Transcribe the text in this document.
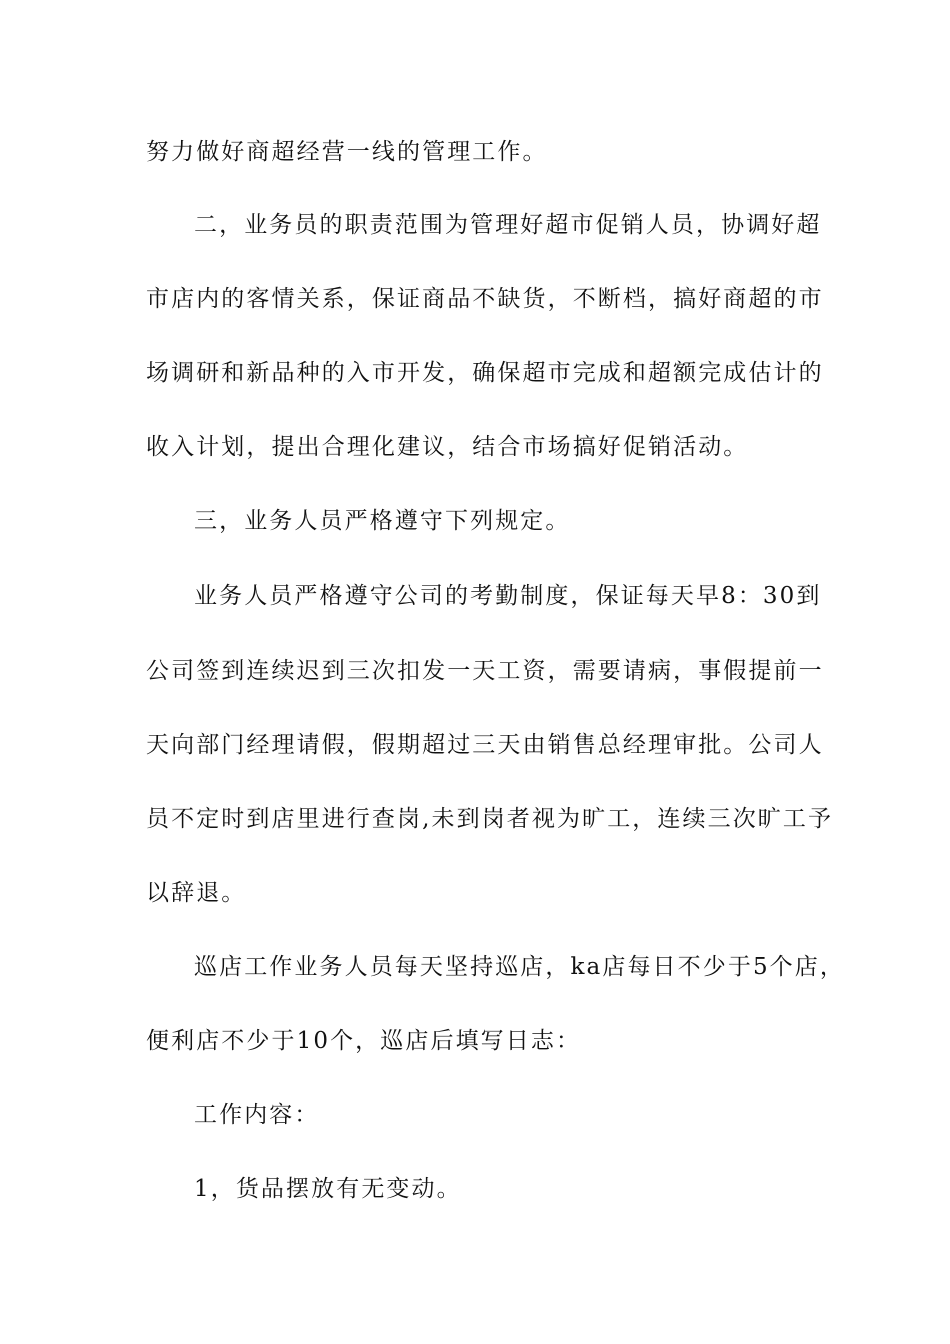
努力做好商超经营一线的管理工作。
二，业务员的职责范围为管理好超市促销人员，协调好超
市店内的客情关系，保证商品不缺货，不断档，搞好商超的市
场调研和新品种的入市开发，确保超市完成和超额完成估计的
收入计划，提出合理化建议，结合市场搞好促销活动。
三，业务人员严格遵守下列规定。
业务人员严格遵守公司的考勤制度，保证每天早8：30到
公司签到连续迟到三次扣发一天工资，需要请病，事假提前一
天向部门经理请假，假期超过三天由销售总经理审批。公司人
员不定时到店里进行查岗,未到岗者视为旷工，连续三次旷工予
以辞退。
巡店工作业务人员每天坚持巡店，ka店每日不少于5个店，
便利店不少于10个，巡店后填写日志：
工作内容：
1，货品摆放有无变动。
